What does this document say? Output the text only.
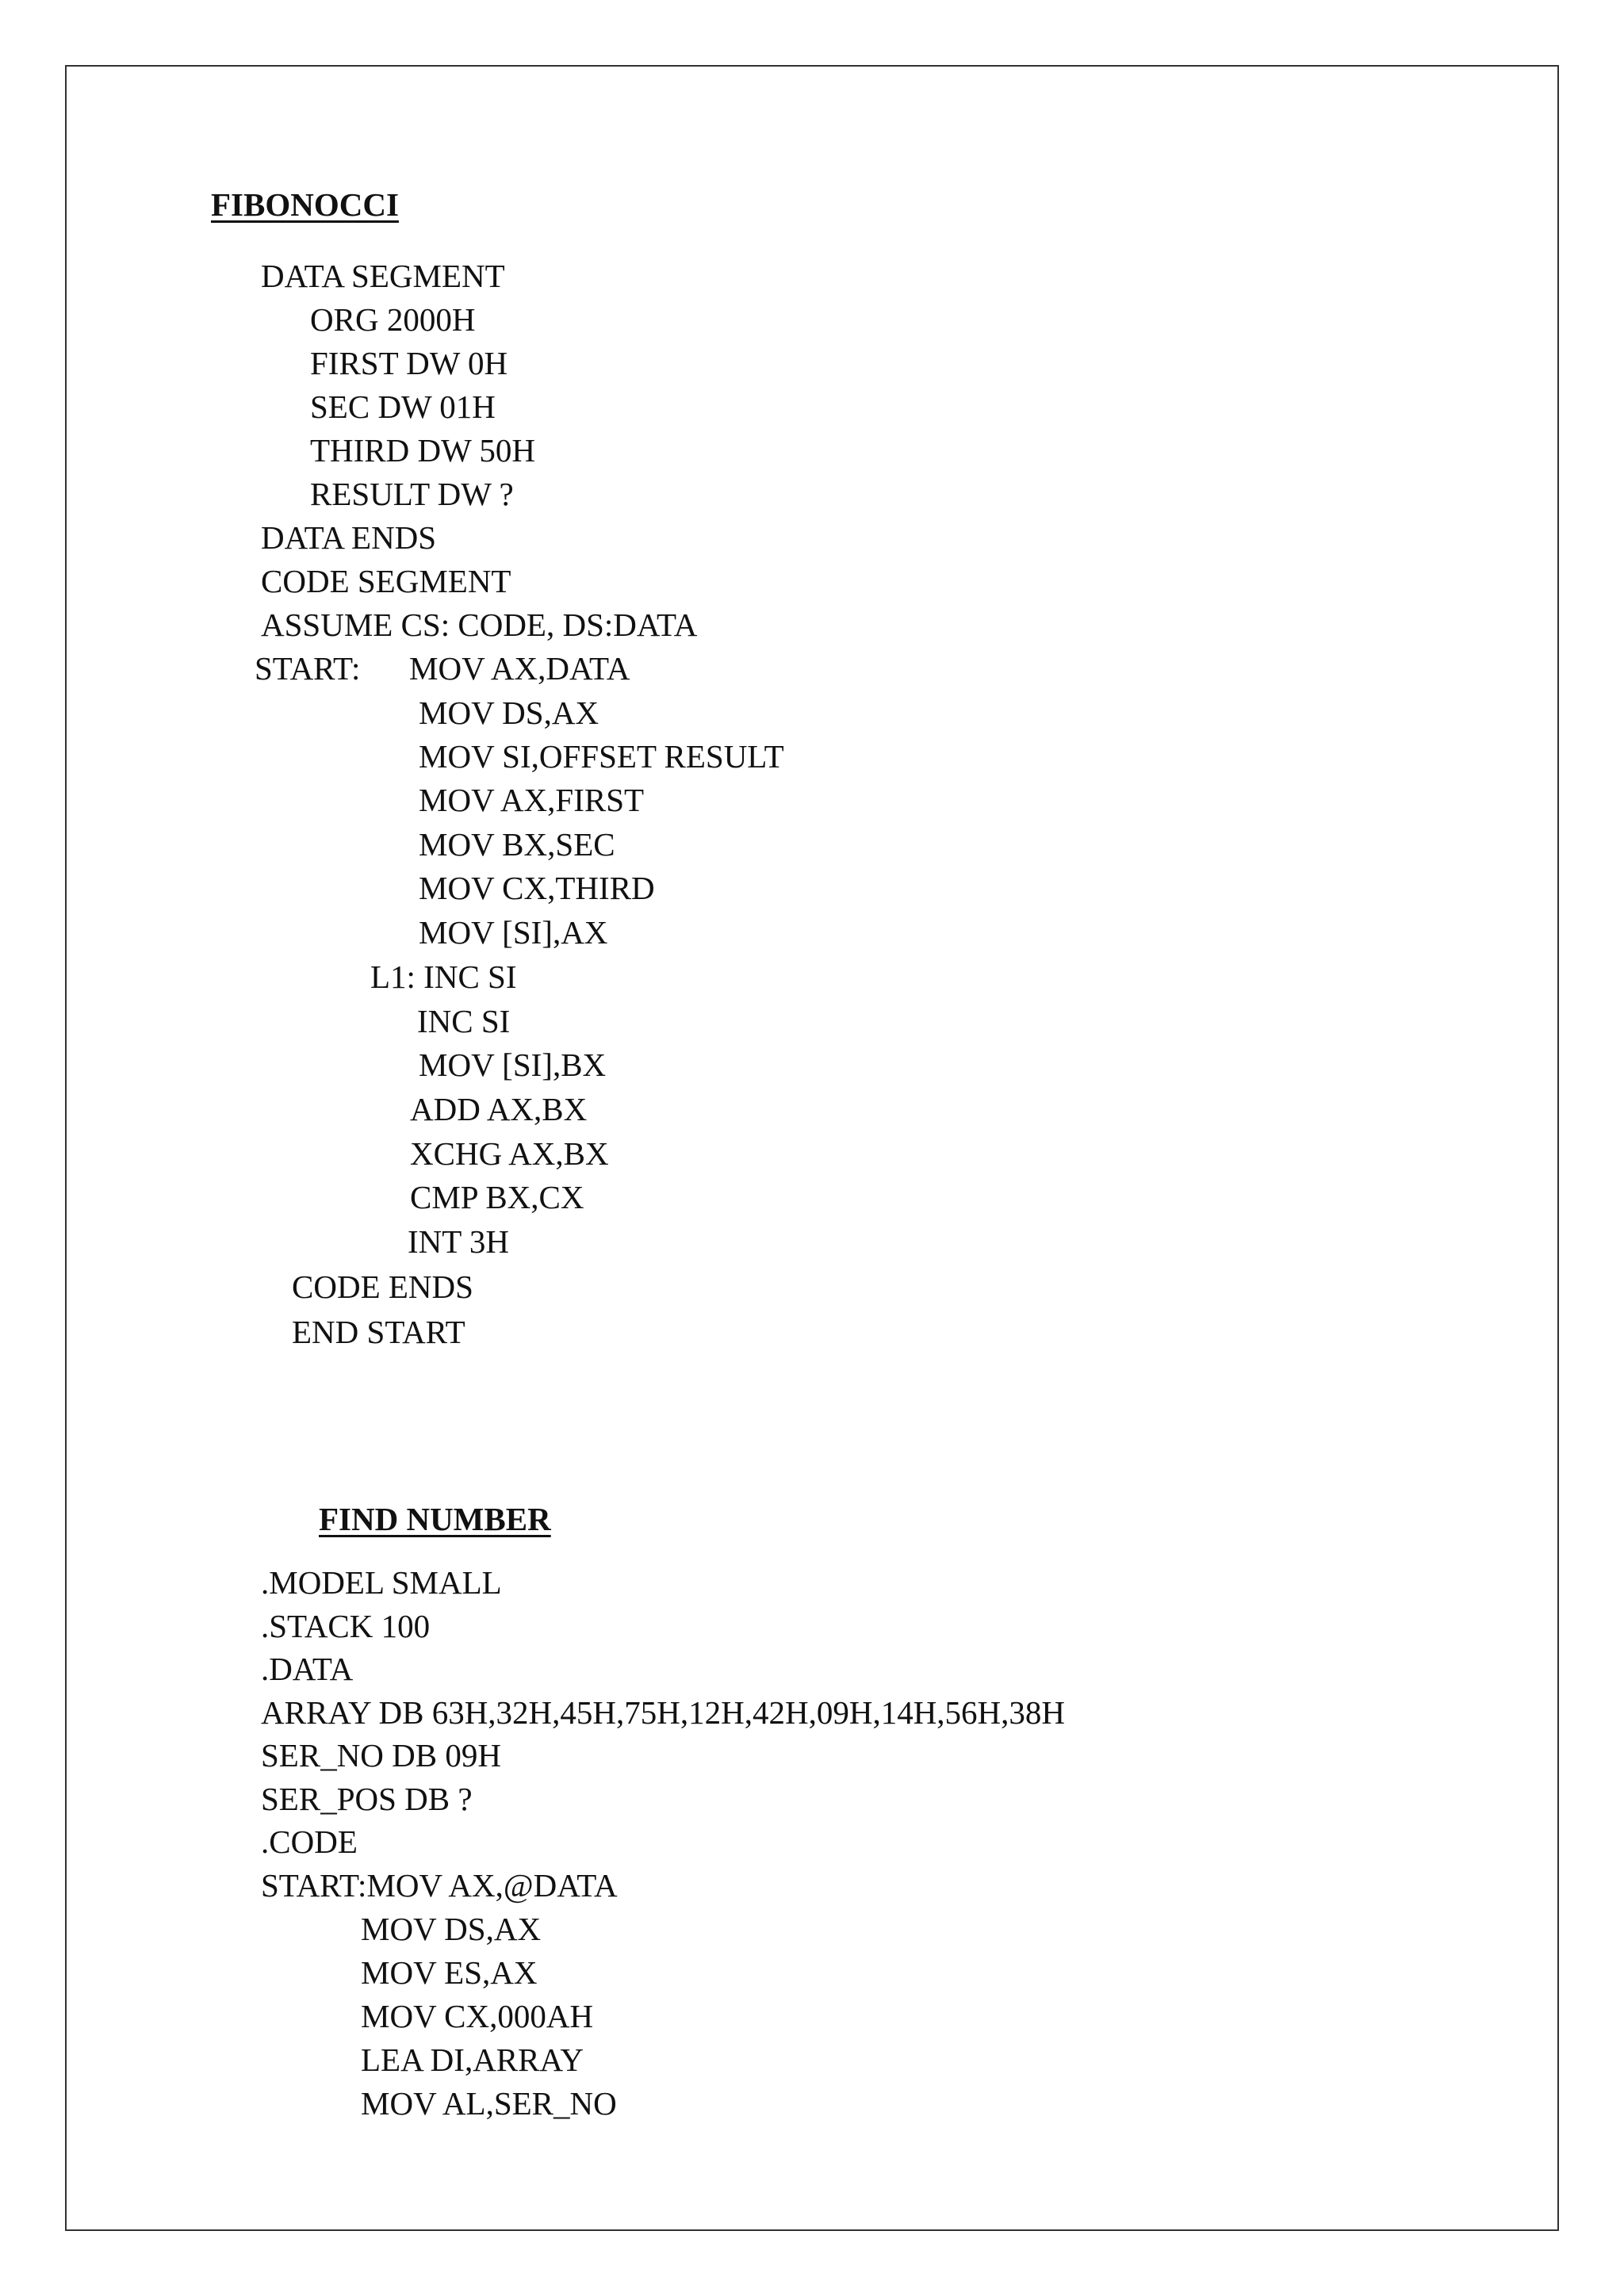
FIBONOCCI
DATA SEGMENT
ORG 2000H
FIRST DW 0H
SEC DW 01H
THIRD DW 50H
RESULT DW ?
DATA ENDS
CODE SEGMENT
ASSUME CS: CODE, DS:DATA
START: MOV AX,DATA
MOV DS,AX
MOV SI,OFFSET RESULT
MOV AX,FIRST
MOV BX,SEC
MOV CX,THIRD
MOV [SI],AX
L1: INC SI
INC SI
MOV [SI],BX
ADD AX,BX
XCHG AX,BX
CMP BX,CX
INT 3H
CODE ENDS
END START
FIND NUMBER
.MODEL SMALL
.STACK 100
.DATA
ARRAY DB 63H,32H,45H,75H,12H,42H,09H,14H,56H,38H
SER_NO DB 09H
SER_POS DB ?
.CODE
START:MOV AX,@DATA
MOV DS,AX
MOV ES,AX
MOV CX,000AH
LEA DI,ARRAY
MOV AL,SER_NO
